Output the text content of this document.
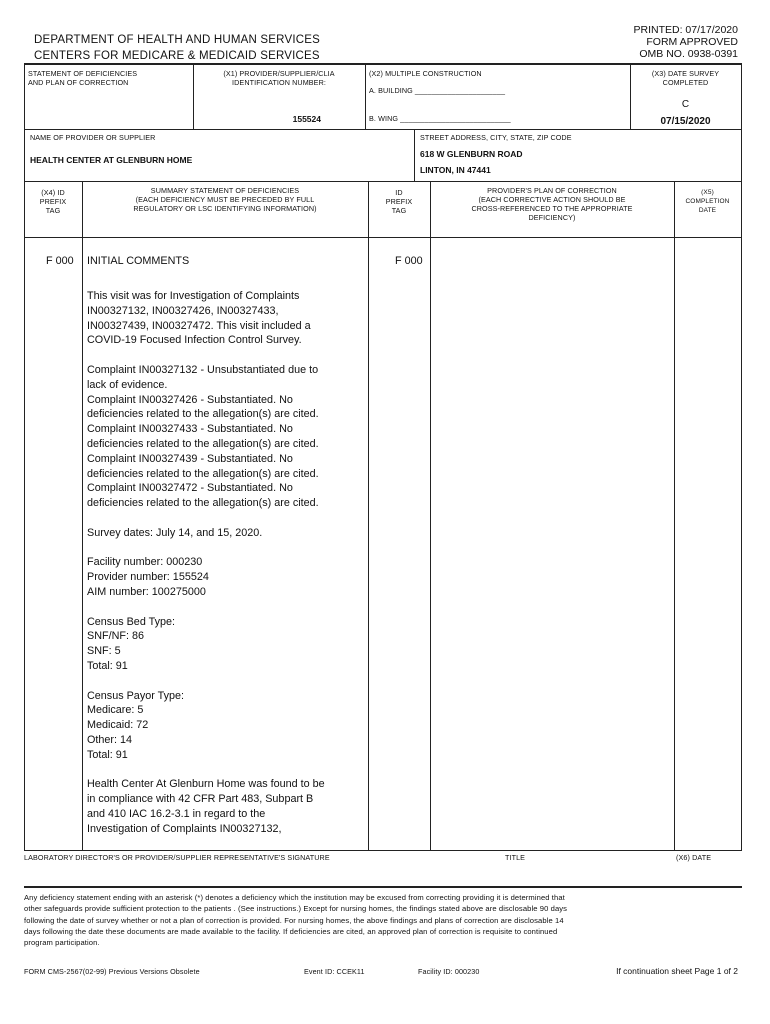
PRINTED: 07/17/2020
FORM APPROVED
OMB NO. 0938-0391
DEPARTMENT OF HEALTH AND HUMAN SERVICES
CENTERS FOR MEDICARE & MEDICAID SERVICES
STATEMENT OF DEFICIENCIES
AND PLAN OF CORRECTION
(X1) PROVIDER/SUPPLIER/CLIA
IDENTIFICATION NUMBER:
155524
(X2) MULTIPLE CONSTRUCTION
A. BUILDING ______________________
B. WING ___________________________
(X3) DATE SURVEY
COMPLETED
C
07/15/2020
NAME OF PROVIDER OR SUPPLIER
HEALTH CENTER AT GLENBURN HOME
STREET ADDRESS, CITY, STATE, ZIP CODE
618 W GLENBURN ROAD
LINTON, IN 47441
(X4) ID
PREFIX
TAG
SUMMARY STATEMENT OF DEFICIENCIES
(EACH DEFICIENCY MUST BE PRECEDED BY FULL
REGULATORY OR LSC IDENTIFYING INFORMATION)
ID
PREFIX
TAG
PROVIDER'S PLAN OF CORRECTION
(EACH CORRECTIVE ACTION SHOULD BE
CROSS-REFERENCED TO THE APPROPRIATE
DEFICIENCY)
(X5)
COMPLETION
DATE
F 000	F 000
INITIAL COMMENTS
This visit was for Investigation of Complaints
IN00327132, IN00327426, IN00327433,
IN00327439, IN00327472. This visit included a
COVID-19 Focused Infection Control Survey.
Complaint IN00327132 - Unsubstantiated due to
lack of evidence.
Complaint IN00327426 - Substantiated. No
deficiencies related to the allegation(s) are cited.
Complaint IN00327433 - Substantiated. No
deficiencies related to the allegation(s) are cited.
Complaint IN00327439 - Substantiated. No
deficiencies related to the allegation(s) are cited.
Complaint IN00327472 - Substantiated. No
deficiencies related to the allegation(s) are cited.
Survey dates: July 14, and 15, 2020.
Facility number: 000230
Provider number: 155524
AIM number: 100275000
Census Bed Type:
SNF/NF: 86
SNF: 5
Total: 91
Census Payor Type:
Medicare: 5
Medicaid: 72
Other: 14
Total: 91
Health Center At Glenburn Home was found to be
in compliance with 42 CFR Part 483, Subpart B
and 410 IAC 16.2-3.1 in regard to the
Investigation of Complaints IN00327132,
LABORATORY DIRECTOR'S OR PROVIDER/SUPPLIER REPRESENTATIVE'S SIGNATURE	TITLE	(X6) DATE
Any deficiency statement ending with an asterisk (*) denotes a deficiency which the institution may be excused from correcting providing it is determined that
other safeguards provide sufficient protection to the patients . (See instructions.) Except for nursing homes, the findings stated above are disclosable 90 days
following the date of survey whether or not a plan of correction is provided. For nursing homes, the above findings and plans of correction are disclosable 14
days following the date these documents are made available to the facility. If deficiencies are cited, an approved plan of correction is requisite to continued
program participation.
FORM CMS-2567(02-99) Previous Versions Obsolete	Event ID: CCEK11	Facility ID: 000230	If continuation sheet Page 1 of 2
